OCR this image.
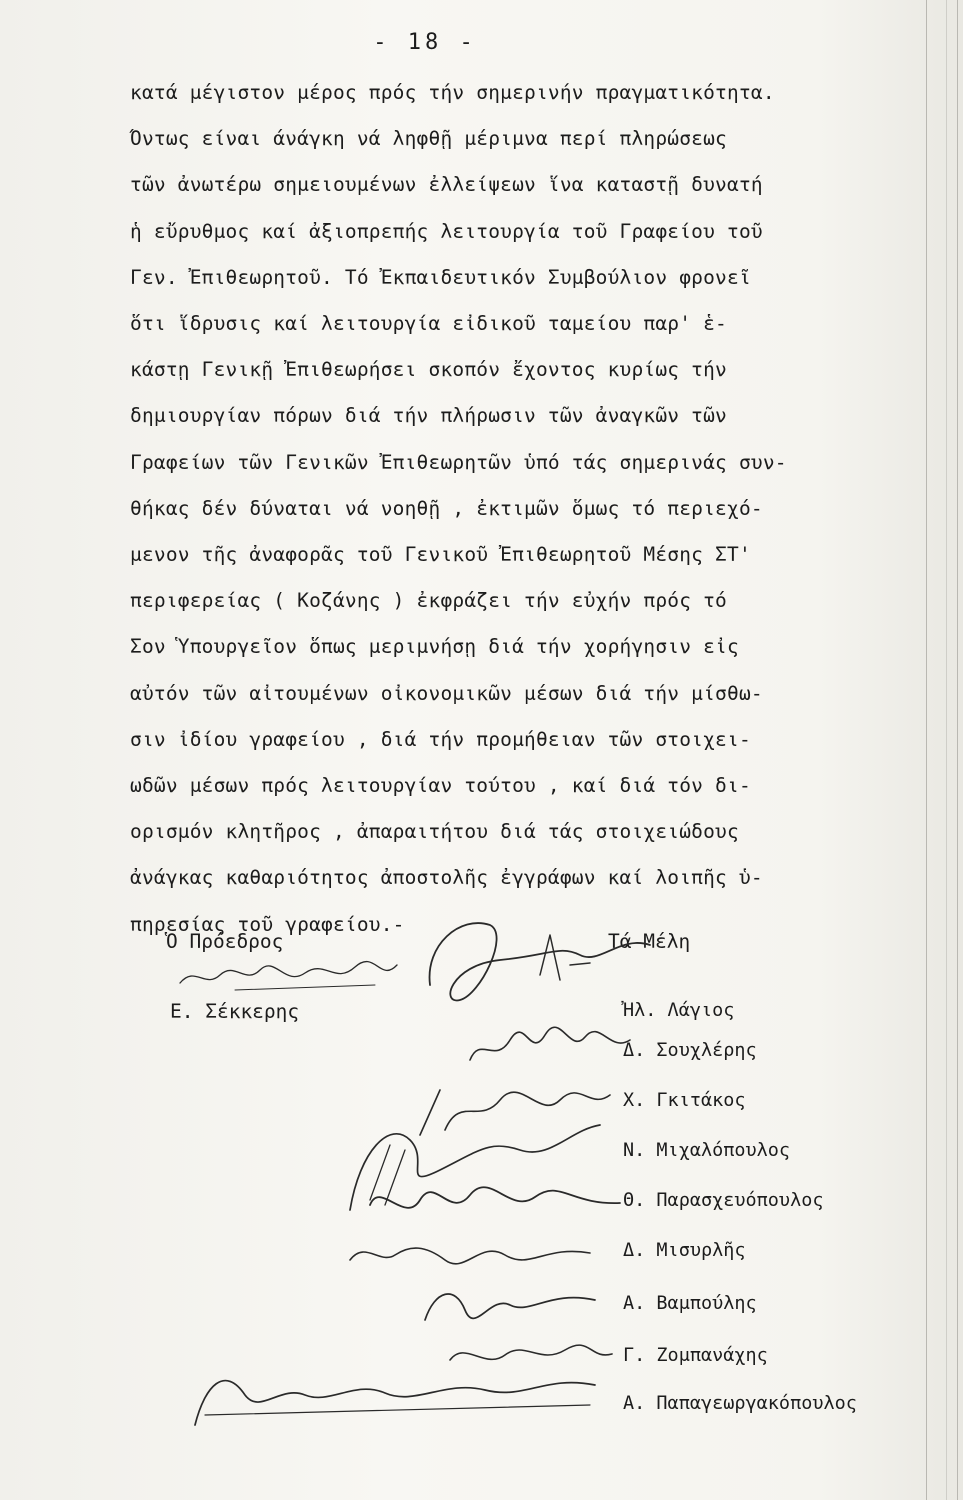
- 18 -
κατά μέγιστον μέρος πρός τήν σημερινήν πραγματικότητα.
Όντως είναι άνάγκη νά ληφθῇ μέριμνα περί πληρώσεως
τῶν ἀνωτέρω σημειουμένων ἐλλείψεων ἵνα καταστῇ δυνατή
ἡ εὔρυθμος καί ἀξιοπρεπής λειτουργία τοῦ Γραφείου τοῦ
Γεν. Ἐπιθεωρητοῦ. Τό Ἐκπαιδευτικόν Συμβούλιον φρονεῖ
ὅτι ἵδρυσις καί λειτουργία εἰδικοῦ ταμείου παρ' ἑ-
κάστῃ Γενικῇ Ἐπιθεωρήσει σκοπόν ἔχοντος κυρίως τήν
δημιουργίαν πόρων διά τήν πλήρωσιν τῶν ἀναγκῶν τῶν
Γραφείων τῶν Γενικῶν Ἐπιθεωρητῶν ὑπό τάς σημερινάς συν-
θήκας δέν δύναται νά νοηθῇ , ἐκτιμῶν ὅμως τό περιεχό-
μενον τῆς ἀναφορᾶς τοῦ Γενικοῦ Ἐπιθεωρητοῦ Μέσης ΣΤ'
περιφερείας ( Κοζάνης ) ἐκφράζει τήν εὐχήν πρός τό
Σον Ὑπουργεῖον ὅπως μεριμνήσῃ διά τήν χορήγησιν εἰς
αὐτόν τῶν αἰτουμένων οἰκονομικῶν μέσων διά τήν μίσθω-
σιν ἰδίου γραφείου , διά τήν προμήθειαν τῶν στοιχει-
ωδῶν μέσων πρός λειτουργίαν τούτου , καί διά τόν δι-
ορισμόν κλητῆρος , ἀπαραιτήτου διά τάς στοιχειώδους
ἀνάγκας καθαριότητος ἀποστολῆς ἐγγράφων καί λοιπῆς ὑ-
πηρεσίας τοῦ γραφείου.-
Ὁ Πρόεδρος
Ε. Σέκκερης
Τά Μέλη
Ἠλ. Λάγιος
Δ. Σουχλέρης
Χ. Γκιτάκος
Ν. Μιχαλόπουλος
Θ. Παρασχευόπουλος
Δ. Μισυρλῆς
Α. Βαμπούλης
Γ. Ζομπανάχης
Α. Παπαγεωργακόπουλος
